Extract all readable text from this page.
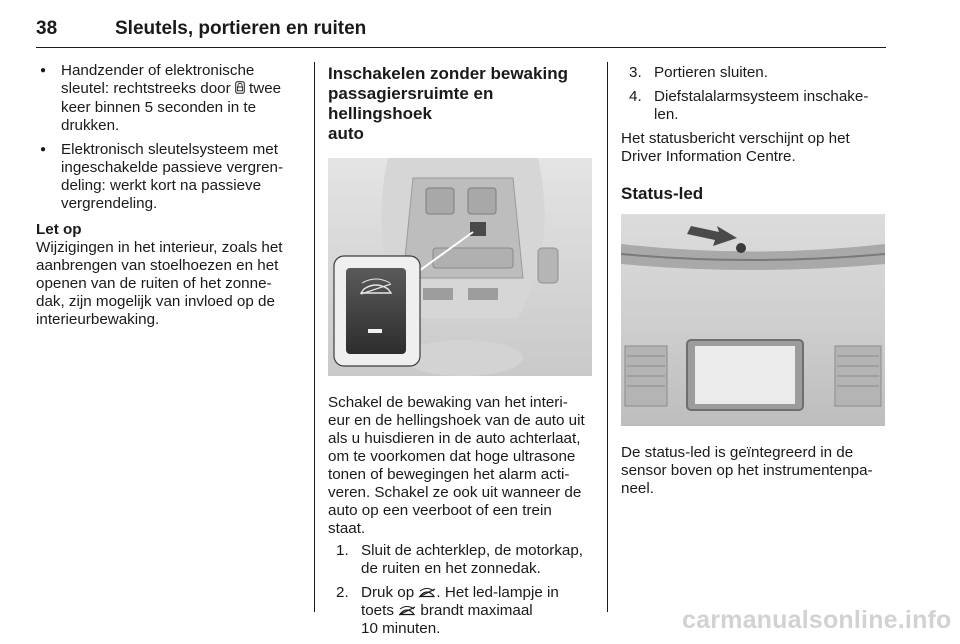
38	Sleutels, portieren en ruiten
● Handzender of elektronische
sleutel: rechtstreeks door  twee
keer binnen 5 seconden in te
drukken.
● Elektronisch sleutelsysteem met
ingeschakelde passieve vergren-
deling: werkt kort na passieve
vergrendeling.
Let op
Wijzigingen in het interieur, zoals het
aanbrengen van stoelhoezen en het
openen van de ruiten of het zonne-
dak, zijn mogelijk van invloed op de
interieurbewaking.
Inschakelen zonder bewaking
passagiersruimte en hellingshoek
auto
Schakel de bewaking van het interi-
eur en de hellingshoek van de auto uit
als u huisdieren in de auto achterlaat,
om te voorkomen dat hoge ultrasone
tonen of bewegingen het alarm acti-
veren. Schakel ze ook uit wanneer de
auto op een veerboot of een trein
staat.
1. Sluit de achterklep, de motorkap,
de ruiten en het zonnedak.
2. Druk op . Het led-lampje in
toets  brandt maximaal
10 minuten.
3. Portieren sluiten.
4. Diefstalalarmsysteem inschake-
len.
Het statusbericht verschijnt op het
Driver Information Centre.
Status-led
De status-led is geïntegreerd in de
sensor boven op het instrumentenpa-
neel.
carmanualsonline.info
